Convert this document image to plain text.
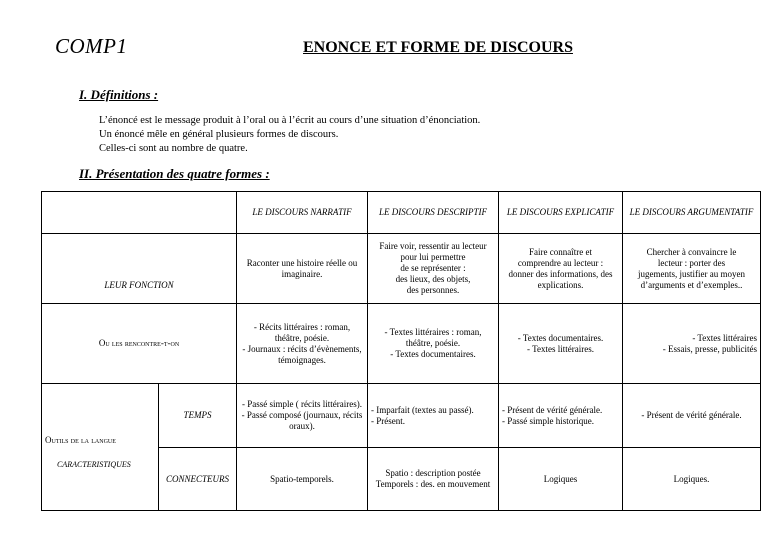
COMP1	ENONCE ET FORME DE DISCOURS
I. Définitions :
L’énoncé est le message produit à l’oral ou à l’écrit au cours d’une situation d’énonciation.
Un énoncé mêle en général plusieurs formes de discours.
Celles-ci sont au nombre de quatre.
II. Présentation des quatre formes :
		LE DISCOURS NARRATIF	LE DISCOURS DESCRIPTIF	LE DISCOURS EXPLICATIF	LE DISCOURS ARGUMENTATIF
LEUR FONCTION		Raconter une histoire réelle ou
imaginaire.	Faire voir, ressentir au lecteur
pour lui permettre
de se représenter :
des lieux, des objets,
des personnes.	Faire connaître et
comprendre au lecteur :
donner des informations, des
explications.	Chercher à convaincre le
lecteur : porter des
jugements, justifier au moyen
d’arguments et d’exemples..

Ou les rencontre-t-on		- Récits littéraires : roman,
théâtre, poésie.
- Journaux : récits d’évènements,
témoignages.	- Textes littéraires : roman,
théâtre, poésie.
- Textes documentaires.	- Textes documentaires.
- Textes littéraires.	- Textes littéraires
- Essais, presse, publicités

Outils de la langue
CARACTERISTIQUES	TEMPS	- Passé simple ( récits littéraires).
- Passé composé (journaux, récits
oraux).	- Imparfait (textes au passé).
- Présent.	- Présent de vérité générale.
- Passé simple historique.	- Présent de vérité générale.

	CONNECTEURS	Spatio-temporels.	Spatio : description postée
Temporels : des. en mouvement	Logiques	Logiques.
